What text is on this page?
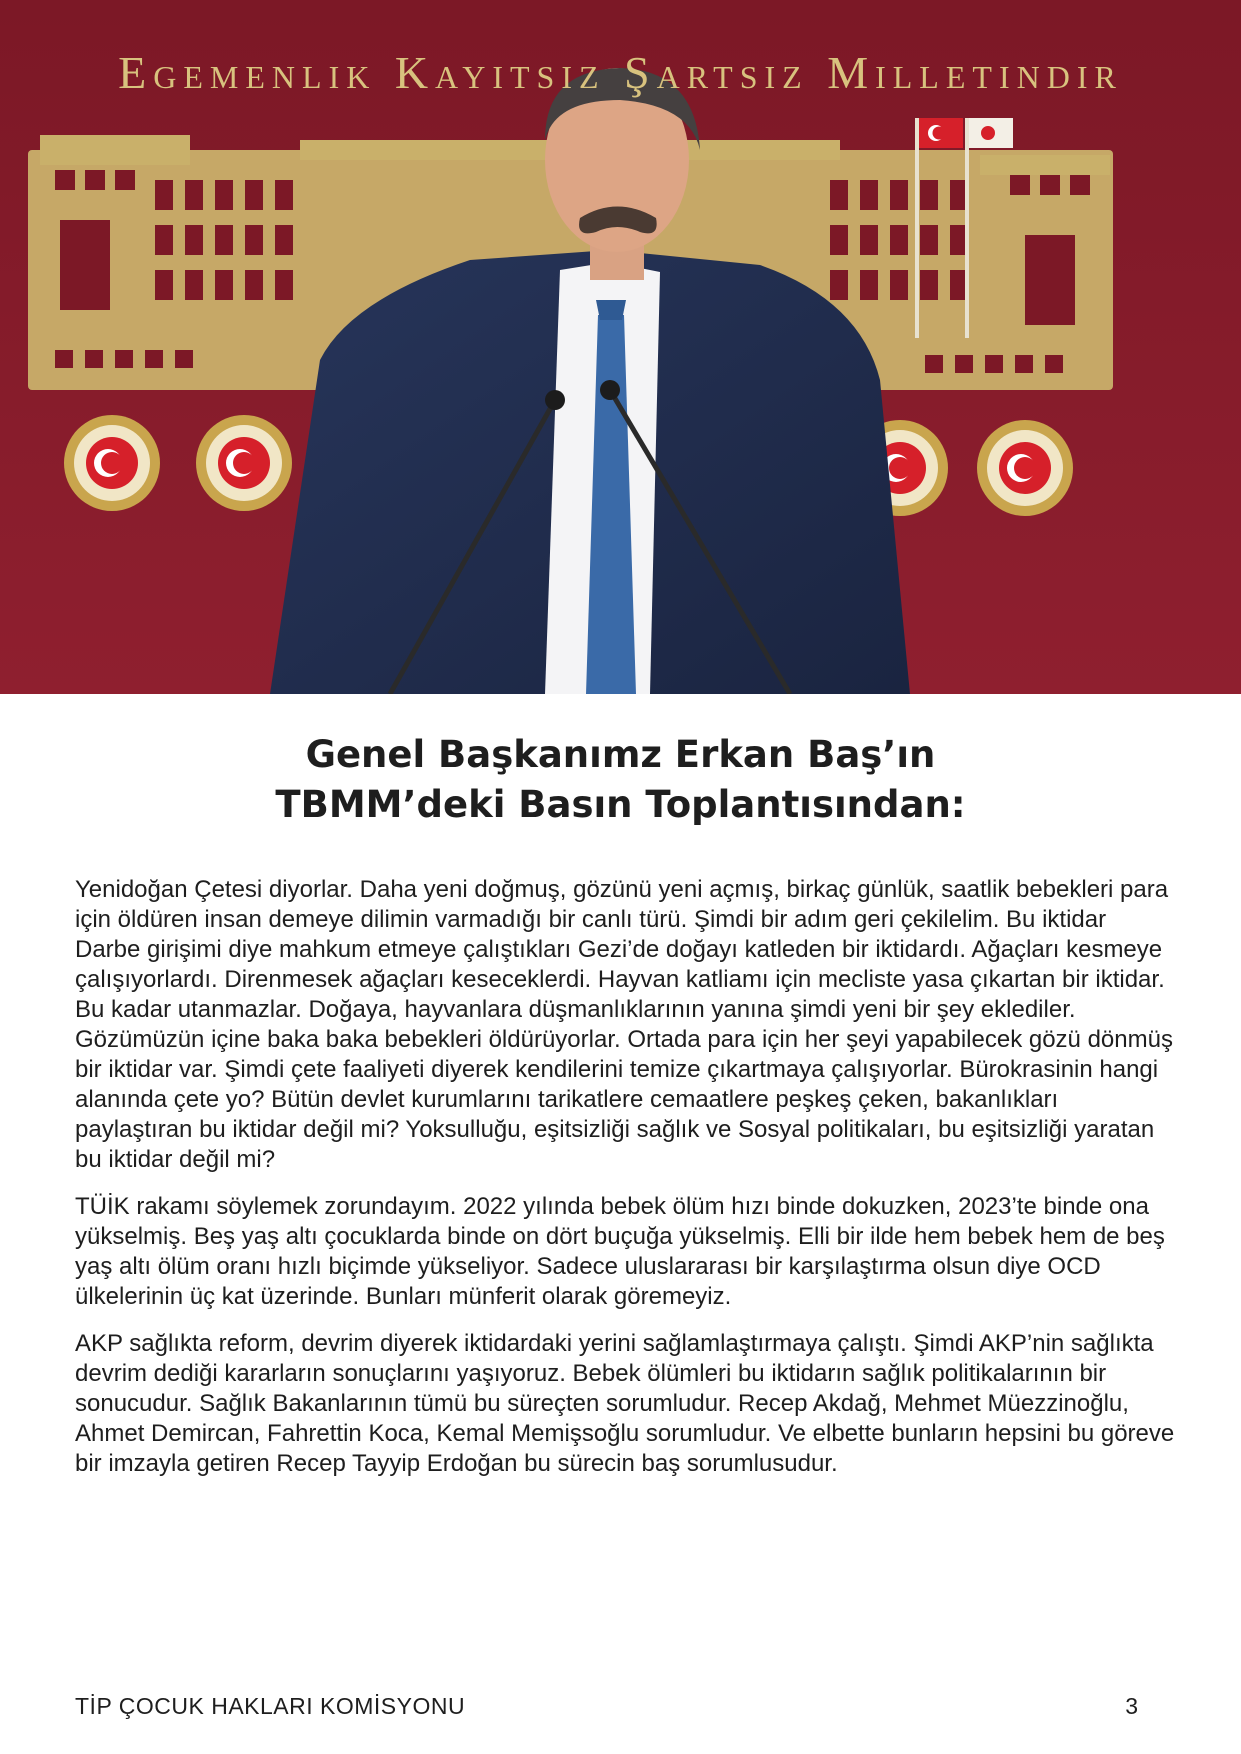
Egemenlik Kayıtsız Şartsız Milletindir
Genel Başkanımz Erkan Baş’ın
TBMM’deki Basın Toplantısından:

Yenidoğan Çetesi diyorlar. Daha yeni doğmuş, gözünü yeni açmış, birkaç günlük, saatlik bebekleri para için öldüren insan demeye dilimin varmadığı bir canlı türü. Şimdi bir adım geri çekilelim. Bu iktidar Darbe girişimi diye mahkum etmeye çalıştıkları Gezi’de doğayı katleden bir iktidardı. Ağaçları kesmeye çalışıyorlardı. Direnmesek ağaçları keseceklerdi. Hayvan katliamı için mecliste yasa çıkartan bir iktidar. Bu kadar utanmazlar. Doğaya, hayvanlara düşmanlıklarının yanına şimdi yeni bir şey eklediler. Gözümüzün içine baka baka bebekleri öldürüyorlar. Ortada para için her şeyi yapabilecek gözü dönmüş bir iktidar var. Şimdi çete faaliyeti diyerek kendilerini temize çıkartmaya çalışıyorlar. Bürokrasinin hangi alanında çete yo? Bütün devlet kurumlarını tarikatlere cemaatlere peşkeş çeken, bakanlıkları paylaştıran bu iktidar değil mi? Yoksulluğu, eşitsizliği sağlık ve Sosyal politikaları, bu eşitsizliği yaratan bu iktidar değil mi?

TÜİK rakamı söylemek zorundayım. 2022 yılında bebek ölüm hızı binde dokuzken, 2023’te binde ona yükselmiş. Beş yaş altı çocuklarda binde on dört buçuğa yükselmiş. Elli bir ilde hem bebek hem de beş yaş altı ölüm oranı hızlı biçimde yükseliyor. Sadece uluslararası bir karşılaştırma olsun diye OCD ülkelerinin üç kat üzerinde. Bunları münferit olarak göremeyiz.

AKP sağlıkta reform, devrim diyerek iktidardaki yerini sağlamlaştırmaya çalıştı. Şimdi AKP’nin sağlıkta devrim dediği kararların sonuçlarını yaşıyoruz. Bebek ölümleri bu iktidarın sağlık politikalarının bir sonucudur. Sağlık Bakanlarının tümü bu süreçten sorumludur. Recep Akdağ, Mehmet Müezzinoğlu, Ahmet Demircan, Fahrettin Koca, Kemal Memişsoğlu sorumludur. Ve elbette bunların hepsini bu göreve bir imzayla getiren Recep Tayyip Erdoğan bu sürecin baş sorumlusudur.

TİP ÇOCUK HAKLARI KOMİSYONU	3
